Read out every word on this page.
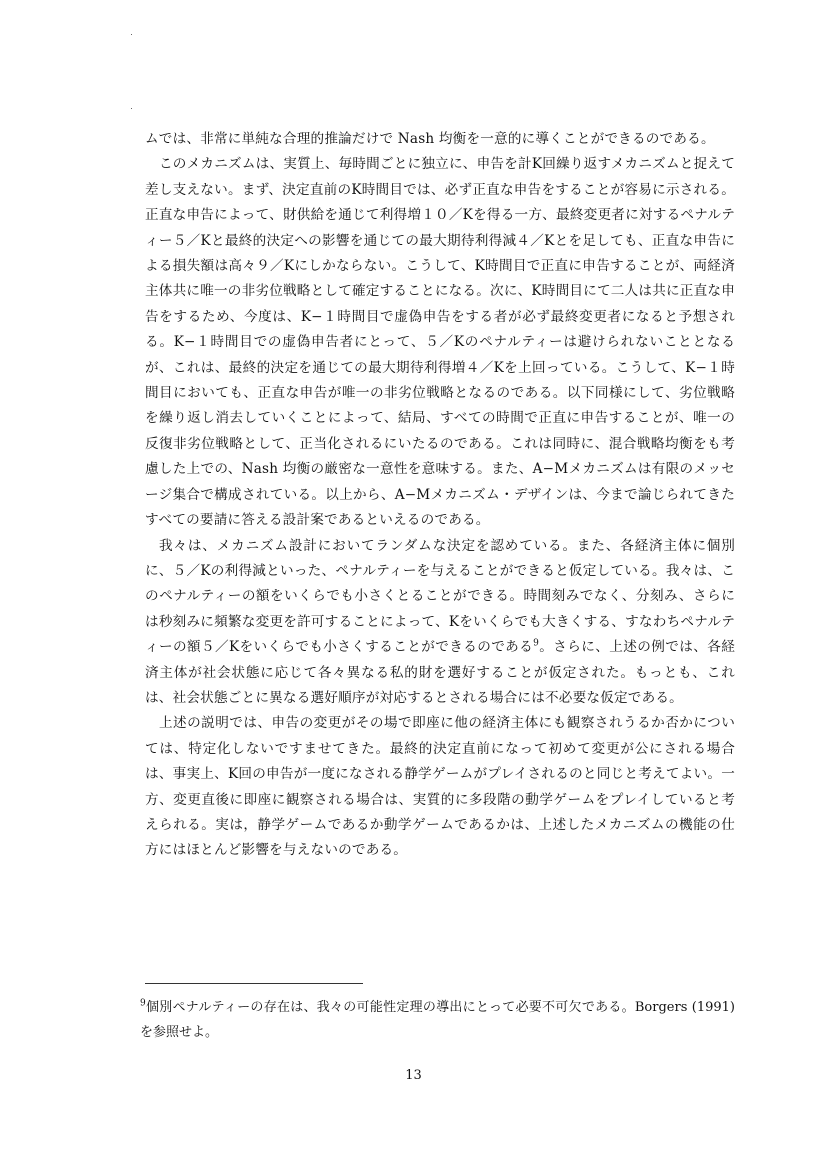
ムでは、非常に単純な合理的推論だけで Nash 均衡を一意的に導くことができるのである。

このメカニズムは、実質上、毎時間ごとに独立に、申告を計K回繰り返すメカニズムと捉えて差し支えない。まず、決定直前のK時間目では、必ず正直な申告をすることが容易に示される。正直な申告によって、財供給を通じて利得増１０／Kを得る一方、最終変更者に対するペナルティー５／Kと最終的決定への影響を通じての最大期待利得減４／Kとを足しても、正直な申告による損失額は高々９／Kにしかならない。こうして、K時間目で正直に申告することが、両経済主体共に唯一の非劣位戦略として確定することになる。次に、K時間目にて二人は共に正直な申告をするため、今度は、K−１時間目で虚偽申告をする者が必ず最終変更者になると予想される。K−１時間目での虚偽申告者にとって、５／Kのペナルティーは避けられないこととなるが、これは、最終的決定を通じての最大期待利得増４／Kを上回っている。こうして、K−１時間目においても、正直な申告が唯一の非劣位戦略となるのである。以下同様にして、劣位戦略を繰り返し消去していくことによって、結局、すべての時間で正直に申告することが、唯一の反復非劣位戦略として、正当化されるにいたるのである。これは同時に、混合戦略均衡をも考慮した上での、Nash 均衡の厳密な一意性を意味する。また、A−Mメカニズムは有限のメッセージ集合で構成されている。以上から、A−Mメカニズム・デザインは、今まで論じられてきたすべての要請に答える設計案であるといえるのである。

我々は、メカニズム設計においてランダムな決定を認めている。また、各経済主体に個別に、５／Kの利得減といった、ペナルティーを与えることができると仮定している。我々は、このペナルティーの額をいくらでも小さくとることができる。時間刻みでなく、分刻み、さらには秒刻みに頻繁な変更を許可することによって、Kをいくらでも大きくする、すなわちペナルティーの額５／Kをいくらでも小さくすることができるのである$^9$。さらに、上述の例では、各経済主体が社会状態に応じて各々異なる私的財を選好することが仮定された。もっとも、これは、社会状態ごとに異なる選好順序が対応するとされる場合には不必要な仮定である。

上述の説明では、申告の変更がその場で即座に他の経済主体にも観察されうるか否かについては、特定化しないですませてきた。最終的決定直前になって初めて変更が公にされる場合は、事実上、K回の申告が一度になされる静学ゲームがプレイされるのと同じと考えてよい。一方、変更直後に即座に観察される場合は、実質的に多段階の動学ゲームをプレイしていると考えられる。実は，静学ゲームであるか動学ゲームであるかは、上述したメカニズムの機能の仕方にはほとんど影響を与えないのである。

$^9$個別ペナルティーの存在は、我々の可能性定理の導出にとって必要不可欠である。Borgers (1991) を参照せよ。
13
